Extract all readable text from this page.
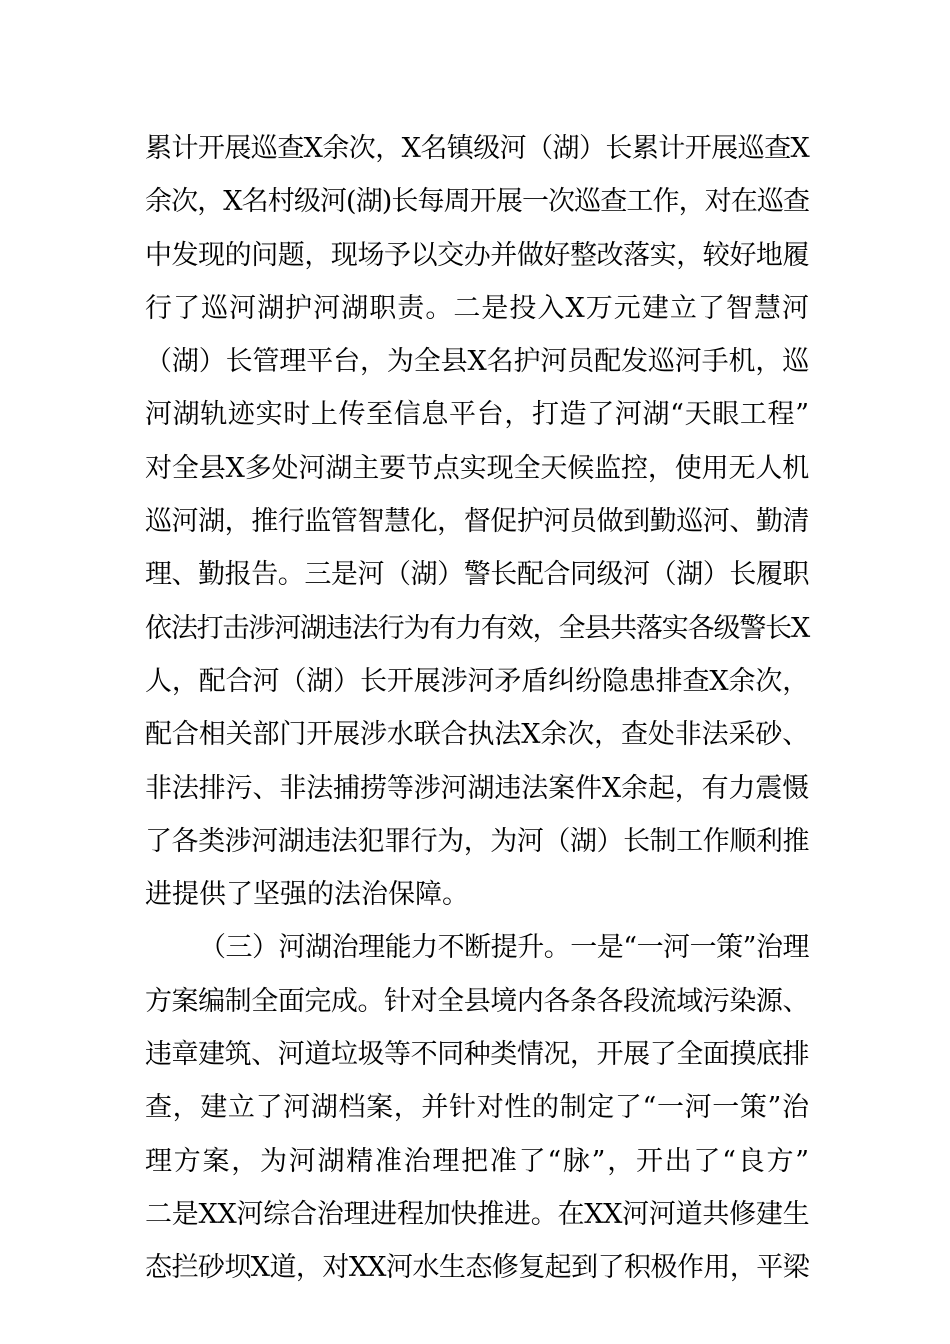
累计开展巡查X余次，X名镇级河（湖）长累计开展巡查X
余次，X名村级河(湖)长每周开展一次巡查工作，对在巡查
中发现的问题，现场予以交办并做好整改落实，较好地履
行了巡河湖护河湖职责。二是投入X万元建立了智慧河
（湖）长管理平台，为全县X名护河员配发巡河手机，巡
河湖轨迹实时上传至信息平台，打造了河湖“天眼工程”
对全县X多处河湖主要节点实现全天候监控，使用无人机
巡河湖，推行监管智慧化，督促护河员做到勤巡河、勤清
理、勤报告。三是河（湖）警长配合同级河（湖）长履职
依法打击涉河湖违法行为有力有效，全县共落实各级警长X
人，配合河（湖）长开展涉河矛盾纠纷隐患排查X余次，
配合相关部门开展涉水联合执法X余次，查处非法采砂、
非法排污、非法捕捞等涉河湖违法案件X余起，有力震慑
了各类涉河湖违法犯罪行为，为河（湖）长制工作顺利推
进提供了坚强的法治保障。
（三）河湖治理能力不断提升。一是“一河一策”治理
方案编制全面完成。针对全县境内各条各段流域污染源、
违章建筑、河道垃圾等不同种类情况，开展了全面摸底排
查，建立了河湖档案，并针对性的制定了“一河一策”治
理方案，为河湖精准治理把准了“脉”，开出了“良方”
二是XX河综合治理进程加快推进。在XX河河道共修建生
态拦砂坝X道，对XX河水生态修复起到了积极作用，平梁
